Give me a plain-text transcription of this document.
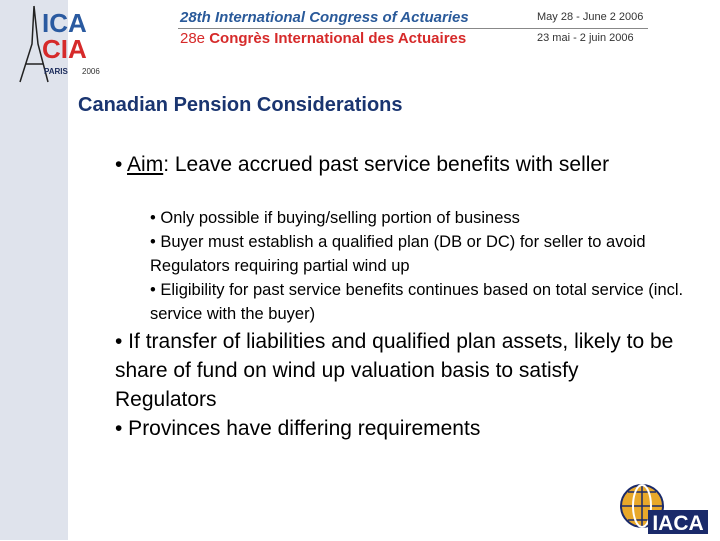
ICA
CIA
PARIS 2006
28th International Congress of Actuaries
28e Congrès International des Actuaires
May 28 - June 2 2006
23 mai - 2 juin 2006
Canadian Pension Considerations
• Aim: Leave accrued past service benefits with seller
• Only possible if buying/selling portion of business
• Buyer must establish a qualified plan (DB or DC) for seller to avoid Regulators requiring partial wind up
• Eligibility for past service benefits continues based on total service (incl. service with the buyer)
• If transfer of liabilities and qualified plan assets, likely to be share of fund on wind up valuation basis to satisfy Regulators
• Provinces have differing requirements
IACA
